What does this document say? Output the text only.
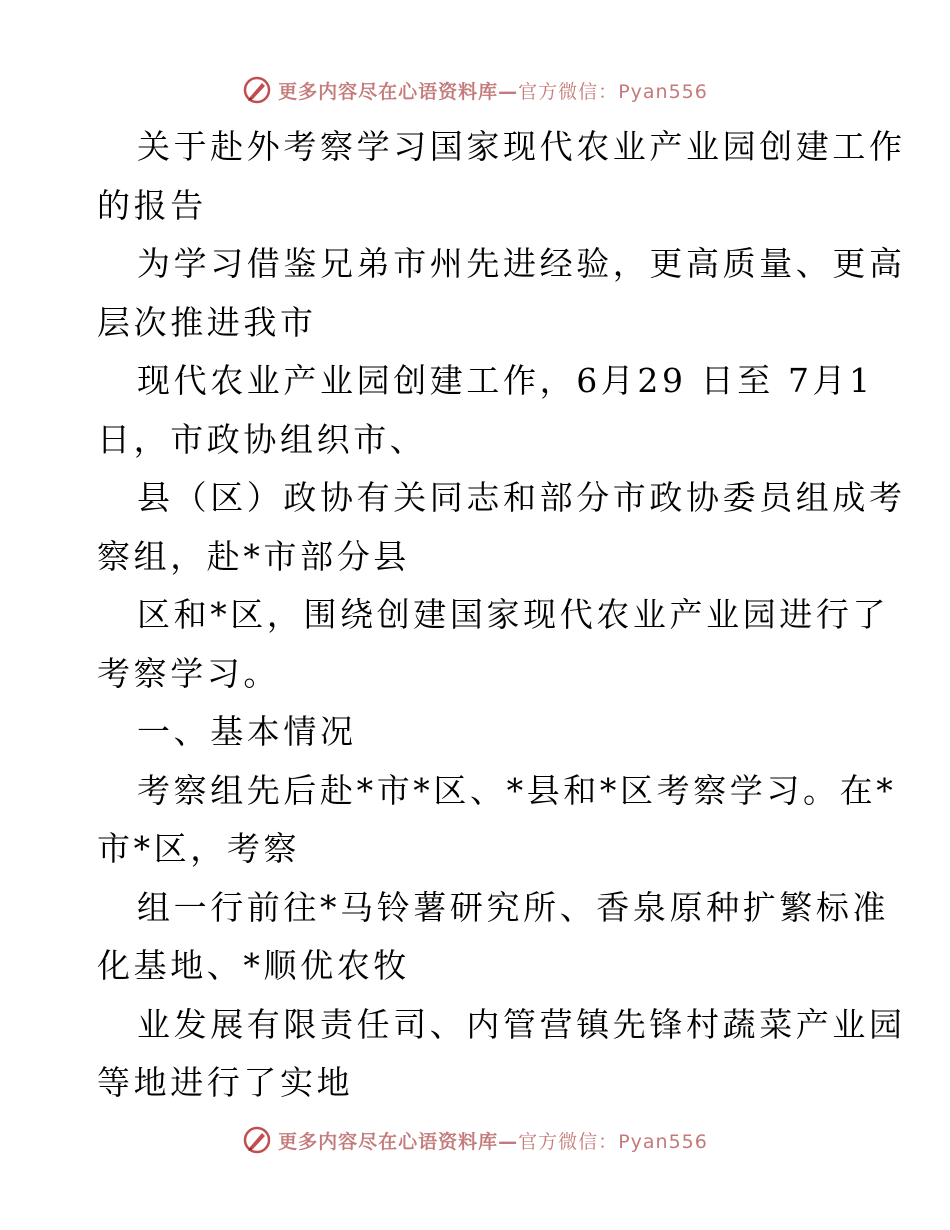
更多内容尽在心语资料库—官方微信：Pyan556
关于赴外考察学习国家现代农业产业园创建工作
的报告
为学习借鉴兄弟市州先进经验，更高质量、更高
层次推进我市
现代农业产业园创建工作，6月29 日至 7月1
日，市政协组织市、
县（区）政协有关同志和部分市政协委员组成考
察组，赴*市部分县
区和*区，围绕创建国家现代农业产业园进行了
考察学习。
一、基本情况
考察组先后赴*市*区、*县和*区考察学习。在*
市*区，考察
组一行前往*马铃薯研究所、香泉原种扩繁标准
化基地、*顺优农牧
业发展有限责任司、内管营镇先锋村蔬菜产业园
等地进行了实地
更多内容尽在心语资料库—官方微信：Pyan556
